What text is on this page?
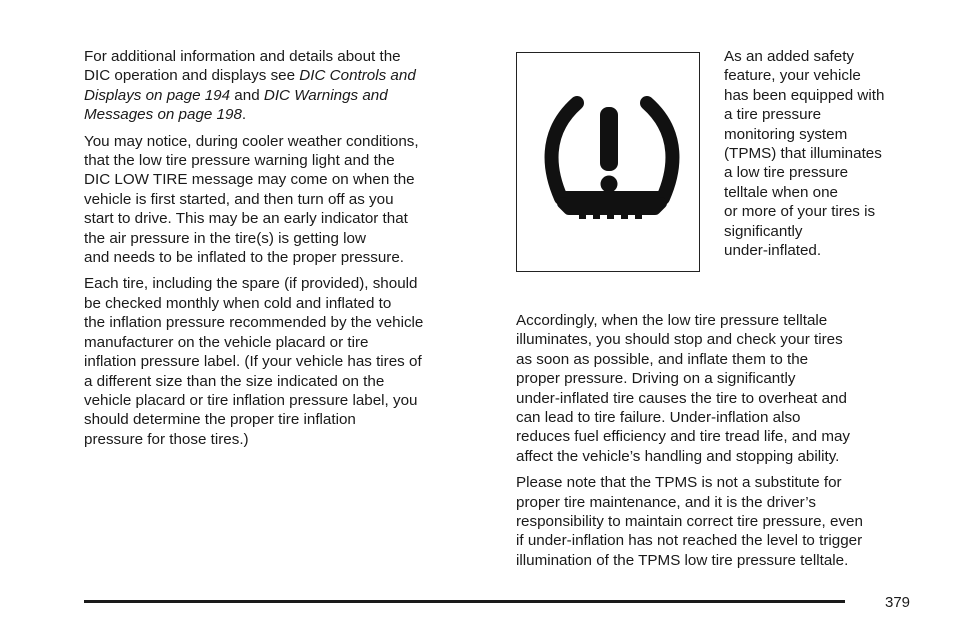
For additional information and details about the
DIC operation and displays see DIC Controls and
Displays on page 194 and DIC Warnings and
Messages on page 198.

You may notice, during cooler weather conditions,
that the low tire pressure warning light and the
DIC LOW TIRE message may come on when the
vehicle is first started, and then turn off as you
start to drive. This may be an early indicator that
the air pressure in the tire(s) is getting low
and needs to be inflated to the proper pressure.

Each tire, including the spare (if provided), should
be checked monthly when cold and inflated to
the inflation pressure recommended by the vehicle
manufacturer on the vehicle placard or tire
inflation pressure label. (If your vehicle has tires of
a different size than the size indicated on the
vehicle placard or tire inflation pressure label, you
should determine the proper tire inflation
pressure for those tires.)

As an added safety
feature, your vehicle
has been equipped with
a tire pressure
monitoring system
(TPMS) that illuminates
a low tire pressure
telltale when one
or more of your tires is
significantly
under-inflated.

Accordingly, when the low tire pressure telltale
illuminates, you should stop and check your tires
as soon as possible, and inflate them to the
proper pressure. Driving on a significantly
under-inflated tire causes the tire to overheat and
can lead to tire failure. Under-inflation also
reduces fuel efficiency and tire tread life, and may
affect the vehicle’s handling and stopping ability.

Please note that the TPMS is not a substitute for
proper tire maintenance, and it is the driver’s
responsibility to maintain correct tire pressure, even
if under-inflation has not reached the level to trigger
illumination of the TPMS low tire pressure telltale.

379
